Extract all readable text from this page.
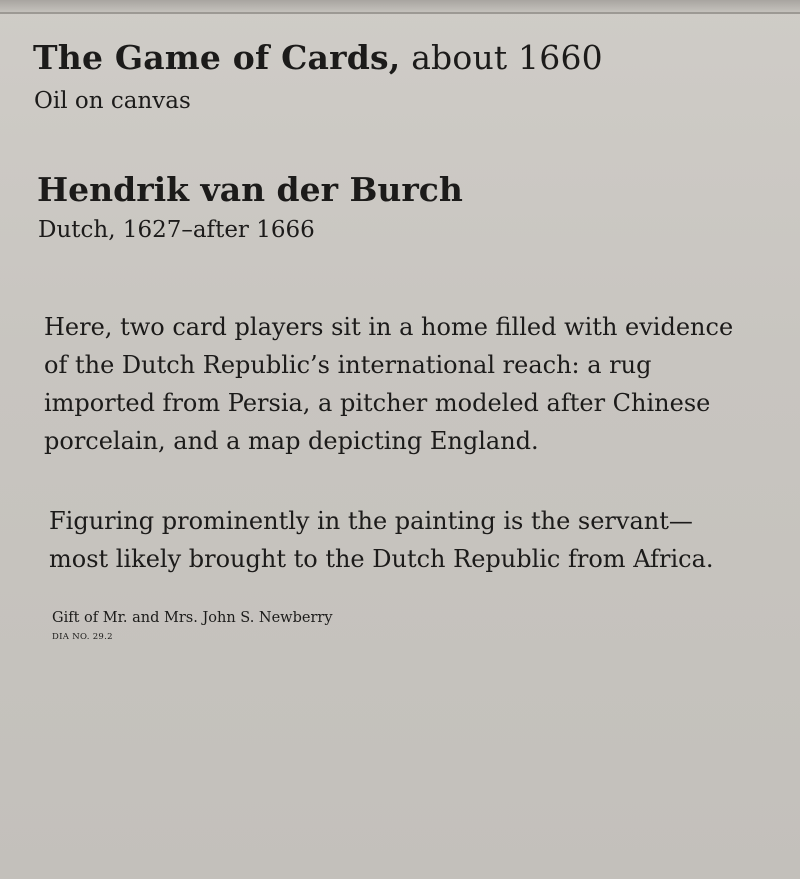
The Game of Cards, about 1660
Oil on canvas
Hendrik van der Burch
Dutch, 1627–after 1666
Here, two card players sit in a home filled with evidence
of the Dutch Republic’s international reach: a rug
imported from Persia, a pitcher modeled after Chinese
porcelain, and a map depicting England.
Figuring prominently in the painting is the servant—
most likely brought to the Dutch Republic from Africa.
Gift of Mr. and Mrs. John S. Newberry
DIA NO. 29.2
